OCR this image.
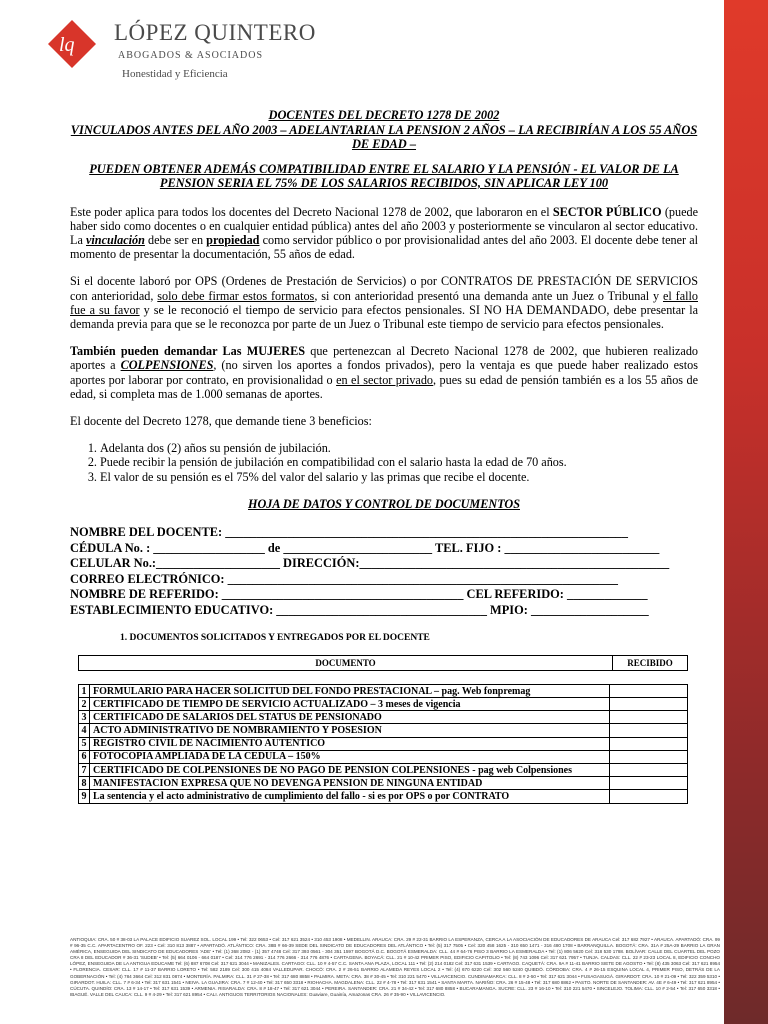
lq LÓPEZ QUINTERO
ABOGADOS & ASOCIADOS
Honestidad y Eficiencia
DOCENTES DEL DECRETO 1278 DE 2002
VINCULADOS ANTES DEL AÑO 2003 – ADELANTARIAN LA PENSION 2 AÑOS – LA RECIBIRÍAN A LOS 55 AÑOS DE EDAD –
PUEDEN OBTENER ADEMÁS COMPATIBILIDAD ENTRE EL SALARIO Y LA PENSIÓN - EL VALOR DE LA PENSION SERIA EL 75% DE LOS SALARIOS RECIBIDOS, SIN APLICAR LEY 100

Este poder aplica para todos los docentes del Decreto Nacional 1278 de 2002, que laboraron en el SECTOR PÚBLICO (puede haber sido como docentes o en cualquier entidad pública) antes del año 2003 y posteriormente se vincularon al sector educativo. La vinculación debe ser en propiedad como servidor público o por provisionalidad antes del año 2003. El docente debe tener al momento de presentar la documentación, 55 años de edad.

Si el docente laboró por OPS (Ordenes de Prestación de Servicios) o por CONTRATOS DE PRESTACIÓN DE SERVICIOS con anterioridad, solo debe firmar estos formatos, si con anterioridad presentó una demanda ante un Juez o Tribunal y el fallo fue a su favor y se le reconoció el tiempo de servicio para efectos pensionales. SI NO HA DEMANDADO, debe presentar la demanda previa para que se le reconozca por parte de un Juez o Tribunal este tiempo de servicio para efectos pensionales.

También pueden demandar Las MUJERES que pertenezcan al Decreto Nacional 1278 de 2002, que hubieren realizado aportes a COLPENSIONES, (no sirven los aportes a fondos privados), pero la ventaja es que puede haber realizado estos aportes por laborar por contrato, en provisionalidad o en el sector privado, pues su edad de pensión también es a los 55 años de edad, si completa mas de 1.000 semanas de aportes.

El docente del Decreto 1278, que demande tiene 3 beneficios:

1. Adelanta dos (2) años su pensión de jubilación.
2. Puede recibir la pensión de jubilación en compatibilidad con el salario hasta la edad de 70 años.
3. El valor de su pensión es el 75% del valor del salario y las primas que recibe el docente.
HOJA DE DATOS Y CONTROL DE DOCUMENTOS
NOMBRE DEL DOCENTE: _________________________________________________________________
CÉDULA No. : __________________ de ________________________ TEL. FIJO : _________________________
CELULAR No.:____________________ DIRECCIÓN:__________________________________________________
CORREO ELECTRÓNICO: _______________________________________________________________
NOMBRE DE REFERIDO: _______________________________________ CEL REFERIDO: _____________
ESTABLECIMIENTO EDUCATIVO: __________________________________ MPIO: ___________________
1. DOCUMENTOS SOLICITADOS Y ENTREGADOS POR EL DOCENTE
DOCUMENTO	RECIBIDO
1	FORMULARIO PARA HACER SOLICITUD DEL FONDO PRESTACIONAL – pag. Web fonpremag	
2	CERTIFICADO DE TIEMPO DE SERVICIO ACTUALIZADO – 3 meses de vigencia	
3	CERTIFICADO DE SALARIOS DEL STATUS DE PENSIONADO	
4	ACTO ADMINISTRATIVO DE NOMBRAMIENTO Y POSESION	
5	REGISTRO CIVIL DE NACIMIENTO AUTENTICO	
6	FOTOCOPIA AMPLIADA DE LA CEDULA – 150%	
7	CERTIFICADO DE COLPENSIONES DE NO PAGO DE PENSION COLPENSIONES - pag web Colpensiones	
8	MANIFESTACION EXPRESA QUE NO DEVENGA PENSION DE NINGUNA ENTIDAD	
9	La sentencia y el acto administrativo de cumplimiento del fallo - si es por OPS o por CONTRATO	
ANTIOQUIA: CRA. 50 # 38-03 LA PALACE EDIFICIO SUAREZ SOL. LOCAL 199 • Tel: 322 0653 • Cel: 317 621 3524 • 310 453 1908 • MEDELLIN. ARAUCA: CRA. 29 # 22-31 BARRIO LA ESPERANZA, CERCA A LA ASOCIACIÓN DE EDUCADORES DE ARAUCA Cel: 317 682 7927 • ARAUCA. APARTADÓ: CRA. 99 # 96-35 C.C. APARTACENTRO OF. 223 • Cel: 310 813 3887 • APARTADÓ. ATLÁNTICO: CRA. 38B # 66-39 SEDE DEL SINDICATO DE EDUCADORES DEL ATLÁNTICO • Tel: (5) 317 7505 • Cel: 320 458 1625 - 310 650 1471 - 316 480 1708 • BARRANQUILLA. BOGOTÁ: CRA. 31A # 25A-29 BARRIO LA GRAN AMÉRICA, ENSEGUIDA DEL SINDICATO DE EDUCADORES 'ADE' • Tel: (1) 368 2082 - (1) 357 4748 Cel: 317 393 0561 - 304 351 1597 BOGOTÁ D.C. BOGOTÁ ESMERALDA: CLL. 44 # 64-76 PISO 3 BARRIO LA ESMERALDA • Tel: (1) 806 5620 Cel: 318 530 1788. BOLÍVAR: CALLE DEL CUARTEL DEL POZO CRA 8 DEL EDUCADOR # 36-31 'SUDEB' • Tel: (5) 664 0106 - 664 0187 • Cel: 314 776 2691 - 314 776 2666 - 314 776 4876 • CARTAGENA. BOYACÁ: CLL. 21 # 10-42 PRIMER PISO, EDIFICIO CAPITOLIO • Tel: (8) 743 1096 Cel: 317 621 7957 • TUNJA. CALDAS: CLL. 22 # 23-23 LOCAL 8, EDIFICIO CONCHO LÓPEZ, ENSEGUIDA DE LA ANTIGUA EDUCAME Tel: (6) 887 6708 Cel: 317 621 3044 • MANIZALES. CARTAGO: CLL. 10 # 4-57 C.C. SANTA ANA PLAZA, LOCAL 111 • Tel: (2) 214 0182 Cel: 317 631 1539 • CARTAGO. CAQUETÁ: CRA. 9A # 11-41 BARRIO SIETE DE AGOSTO • Tel: (8) 435 3063 Cel: 317 621 8954 • FLORENCIA. CESAR: CLL. 17 # 11-37 BARRIO LORETO • Tel: 582 2189 Cel: 300 415 4084 VALLEDUPAR. CHOCÓ: CRA. 2 # 26-51 BARRIO ALAMEDA REYES LOCAL 2 • Tel: (4) 670 6220 Cel: 302 560 5240 QUIBDÓ. CÓRDOBA: CRA. 4 # 26-15 ESQUINA LOCAL 4, PRIMER PISO, DETRÁS DE LA GOBERNACIÓN • Tel: (4) 784 3664 Cel: 312 831 0874 • MONTERÍA. PALMIRA: CLL. 31 # 27-38 • Tel: 317 680 8858 • PALMIRA. META: CRA. 38 # 30-45 • Tel: 310 221 5470 • VILLAVICENCIO. CUNDINAMARCA: CLL. 8 # 2-50 • Tel: 317 621 3044 • FUSAGASUGÁ. GIRARDOT: CRA. 10 # 21-09 • Tel: 322 359 5310 • GIRARDOT. HUILA: CLL. 7 # 6-34 • Tel: 317 631 1541 • NEIVA. LA GUAJIRA: CRA. 7 # 12-40 • Tel: 317 650 3318 • RIOHACHA. MAGDALENA: CLL. 22 # 4-78 • Tel: 317 631 1541 • SANTA MARTA. NARIÑO: CRA. 26 # 15-48 • Tel: 317 680 8862 • PASTO. NORTE DE SANTANDER: AV. 4E # 6-49 • Tel: 317 621 8954 • CÚCUTA. QUINDÍO: CRA. 13 # 14-17 • Tel: 317 631 1539 • ARMENIA. RISARALDA: CRA. 8 # 18-47 • Tel: 317 621 3044 • PEREIRA. SANTANDER: CRA. 21 # 34-42 • Tel: 317 680 8858 • BUCARAMANGA. SUCRE: CLL. 23 # 16-10 • Tel: 310 221 5470 • SINCELEJO. TOLIMA: CLL. 10 # 2-54 • Tel: 317 650 3318 • IBAGUÉ. VALLE DEL CAUCA: CLL. 9 # 4-29 • Tel: 317 621 8954 • CALI. ANTIGUOS TERRITORIOS NACIONALES: Guaviare, Guainía, Amazonas CRA. 26 # 35-90 • VILLAVICENCIO.
